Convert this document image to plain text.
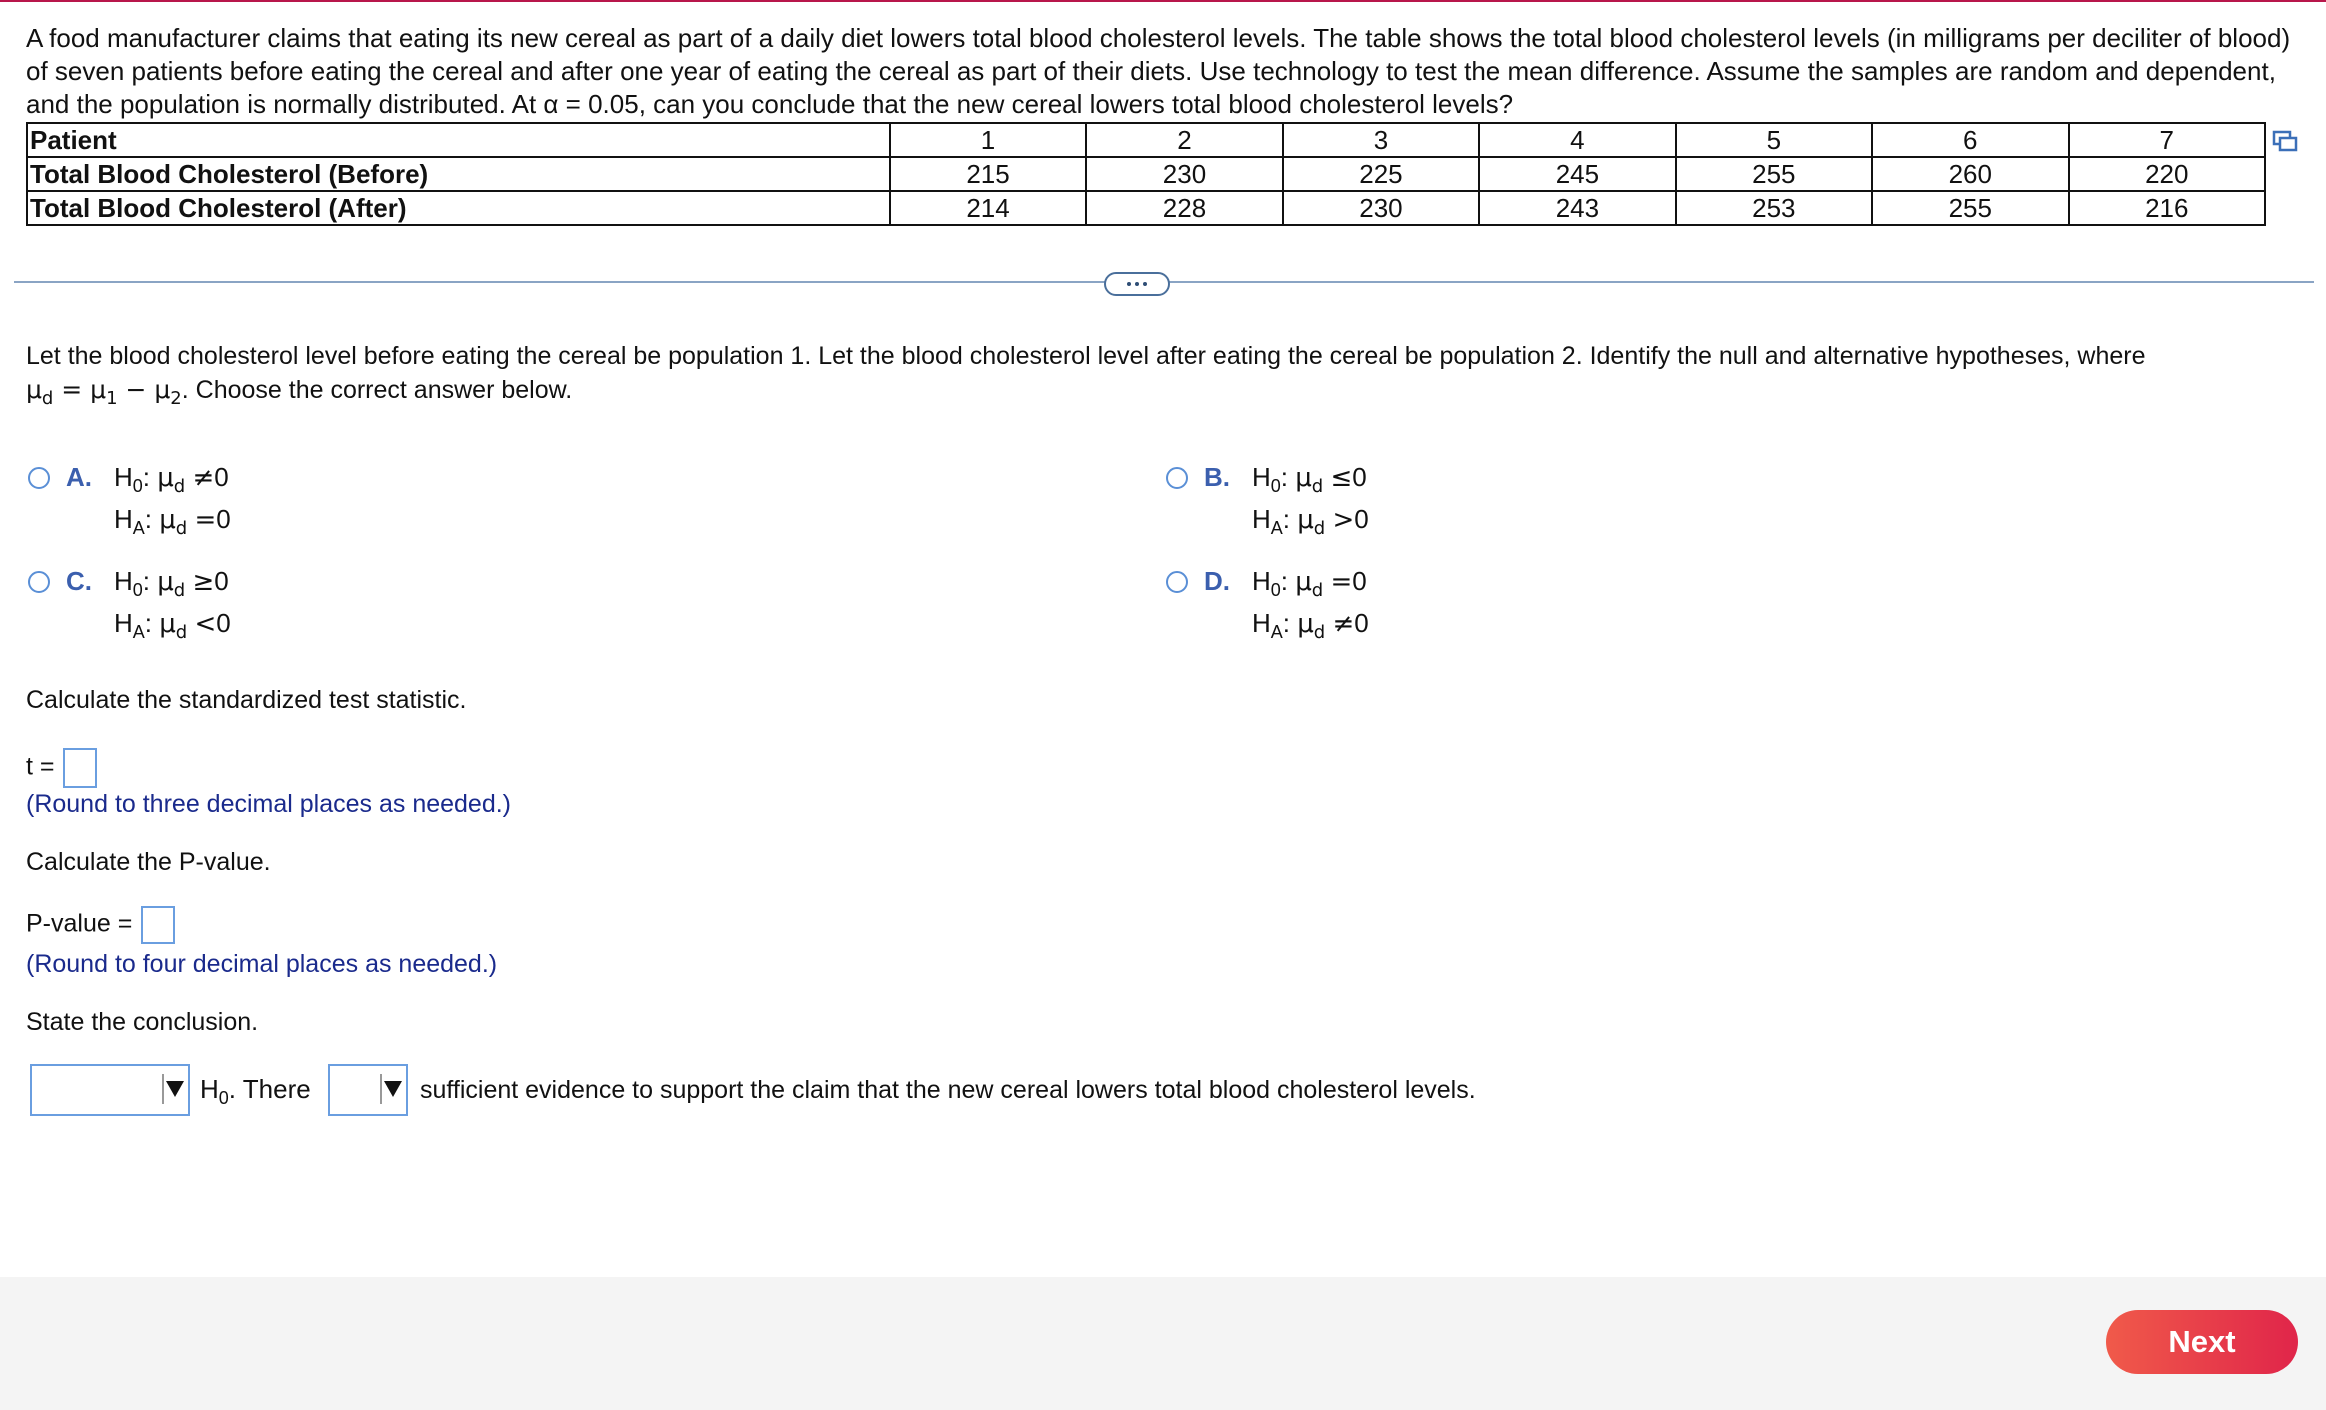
A food manufacturer claims that eating its new cereal as part of a daily diet lowers total blood cholesterol levels. The table shows the total blood cholesterol levels (in milligrams per deciliter of blood)
of seven patients before eating the cereal and after one year of eating the cereal as part of their diets. Use technology to test the mean difference. Assume the samples are random and dependent,
and the population is normally distributed. At α = 0.05, can you conclude that the new cereal lowers total blood cholesterol levels?
Patient	1	2	3	4	5	6	7
Total Blood Cholesterol (Before)	215	230	225	245	255	260	220
Total Blood Cholesterol (After)	214	228	230	243	253	255	216
Let the blood cholesterol level before eating the cereal be population 1. Let the blood cholesterol level after eating the cereal be population 2. Identify the null and alternative hypotheses, where
$\mu_d = \mu_1 - \mu_2$. Choose the correct answer below.
A. $H_0$: $\mu_d \ne 0$
$H_A$: $\mu_d =0$
B. $H_0$: $\mu_d \le 0$
$H_A$: $\mu_d >0$
C. $H_0$: $\mu_d \ge 0$
$H_A$: $\mu_d <0$
D. $H_0$: $\mu_d =0$
$H_A$: $\mu_d \ne 0$
Calculate the standardized test statistic.
t =
(Round to three decimal places as needed.)
Calculate the P-value.
P-value =
(Round to four decimal places as needed.)
State the conclusion.
$H_0$. There	sufficient evidence to support the claim that the new cereal lowers total blood cholesterol levels.
Next
